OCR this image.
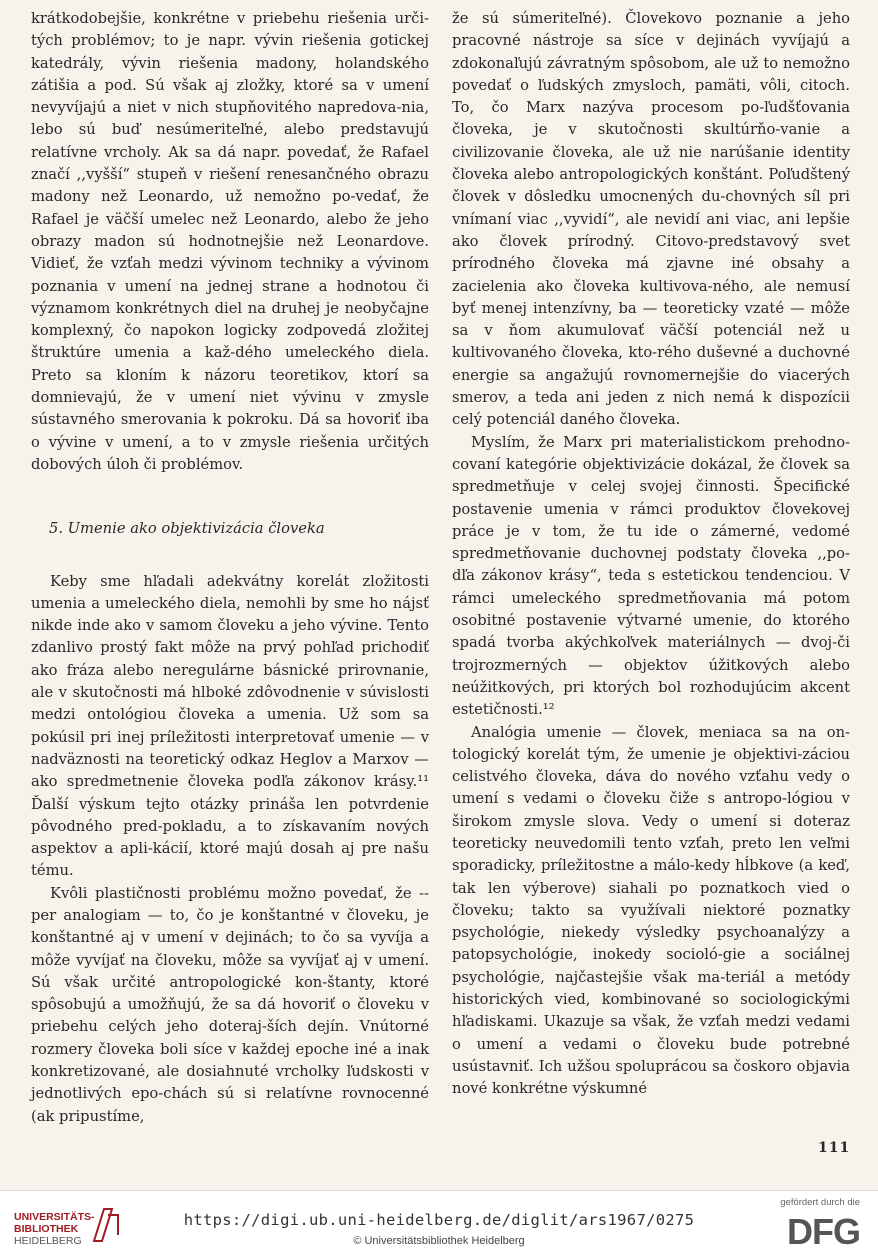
krátkodobejšie, konkrétne v priebehu riešenia urči-tých problémov; to je napr. vývin riešenia gotickej katedrály, vývin riešenia madony, holandského zátišia a pod. Sú však aj zložky, ktoré sa v umení nevyvíjajú a niet v nich stupňovitého napredova-nia, lebo sú buď nesúmeriteľné, alebo predstavujú relatívne vrcholy. Ak sa dá napr. povedať, že Rafael značí ,,vyšší“ stupeň v riešení renesančného obrazu madony než Leonardo, už nemožno po-vedať, že Rafael je väčší umelec než Leonardo, alebo že jeho obrazy madon sú hodnotnejšie než Leonardove. Vidieť, že vzťah medzi vývinom techniky a vývinom poznania v umení na jednej strane a hodnotou či významom konkrétnych diel na druhej je neobyčajne komplexný, čo napokon logicky zodpovedá zložitej štruktúre umenia a kaž-dého umeleckého diela. Preto sa kloním k názoru teoretikov, ktorí sa domnievajú, že v umení niet vývinu v zmysle sústavného smerovania k pokroku. Dá sa hovoriť iba o vývine v umení, a to v zmysle riešenia určitých dobových úloh či problémov.

5. Umenie ako objektivizácia človeka

Keby sme hľadali adekvátny korelát zložitosti umenia a umeleckého diela, nemohli by sme ho nájsť nikde inde ako v samom človeku a jeho vývine. Tento zdanlivo prostý fakt môže na prvý pohľad prichodiť ako fráza alebo neregulárne básnické prirovnanie, ale v skutočnosti má hlboké zdôvodnenie v súvislosti medzi ontológiou človeka a umenia. Už som sa pokúsil pri inej príležitosti interpretovať umenie — v nadväznosti na teoretický odkaz Heglov a Marxov — ako spredmetnenie človeka podľa zákonov krásy.¹¹ Ďalší výskum tejto otázky prináša len potvrdenie pôvodného pred-pokladu, a to získavaním nových aspektov a apli-kácií, ktoré majú dosah aj pre našu tému.

Kvôli plastičnosti problému možno povedať, že -- per analogiam — to, čo je konštantné v človeku, je konštantné aj v umení v dejinách; to čo sa vyvíja a môže vyvíjať na človeku, môže sa vyvíjať aj v umení. Sú však určité antropologické kon-štanty, ktoré spôsobujú a umožňujú, že sa dá hovoriť o človeku v priebehu celých jeho doteraj-ších dejín. Vnútorné rozmery človeka boli síce v každej epoche iné a inak konkretizované, ale dosiahnuté vrcholky ľudskosti v jednotlivých epo-chách sú si relatívne rovnocenné (ak pripustíme,

že sú súmeriteľné). Človekovo poznanie a jeho pracovné nástroje sa síce v dejinách vyvíjajú a zdokonaľujú závratným spôsobom, ale už to nemožno povedať o ľudských zmysloch, pamäti, vôli, citoch. To, čo Marx nazýva procesom po-ľudšťovania človeka, je v skutočnosti skultúrňo-vanie a civilizovanie človeka, ale už nie narúšanie identity človeka alebo antropologických konštánt. Poľudštený človek v dôsledku umocnených du-chovných síl pri vnímaní viac ,,vyvidí“, ale nevidí ani viac, ani lepšie ako človek prírodný. Citovo-predstavový svet prírodného človeka má zjavne iné obsahy a zacielenia ako človeka kultivova-ného, ale nemusí byť menej intenzívny, ba — teoreticky vzaté — môže sa v ňom akumulovať väčší potenciál než u kultivovaného človeka, kto-rého duševné a duchovné energie sa angažujú rovnomernejšie do viacerých smerov, a teda ani jeden z nich nemá k dispozícii celý potenciál daného človeka.

Myslím, že Marx pri materialistickom prehodno-covaní kategórie objektivizácie dokázal, že človek sa spredmetňuje v celej svojej činnosti. Špecifické postavenie umenia v rámci produktov človekovej práce je v tom, že tu ide o zámerné, vedomé spredmetňovanie duchovnej podstaty človeka ,,po-dľa zákonov krásy“, teda s estetickou tendenciou. V rámci umeleckého spredmetňovania má potom osobitné postavenie výtvarné umenie, do ktorého spadá tvorba akýchkoľvek materiálnych — dvoj-či trojrozmerných — objektov úžitkových alebo neúžitkových, pri ktorých bol rozhodujúcim akcent estetičnosti.¹²

Analógia umenie — človek, meniaca sa na on-tologický korelát tým, že umenie je objektivi-záciou celistvého človeka, dáva do nového vzťahu vedy o umení s vedami o človeku čiže s antropo-lógiou v širokom zmysle slova. Vedy o umení si doteraz teoreticky neuvedomili tento vzťah, preto len veľmi sporadicky, príležitostne a málo-kedy hĺbkove (a keď, tak len výberove) siahali po poznatkoch vied o človeku; takto sa využívali niektoré poznatky psychológie, niekedy výsledky psychoanalýzy a patopsychológie, inokedy socioló-gie a sociálnej psychológie, najčastejšie však ma-teriál a metódy historických vied, kombinované so sociologickými hľadiskami. Ukazuje sa však, že vzťah medzi vedami o umení a vedami o človeku bude potrebné usústavniť. Ich užšou spoluprácou sa čoskoro objavia nové konkrétne výskumné

111
UNIVERSITÄTS-
BIBLIOTHEK
HEIDELBERG
https://digi.ub.uni-heidelberg.de/diglit/ars1967/0275
© Universitätsbibliothek Heidelberg
gefördert durch die
DFG
